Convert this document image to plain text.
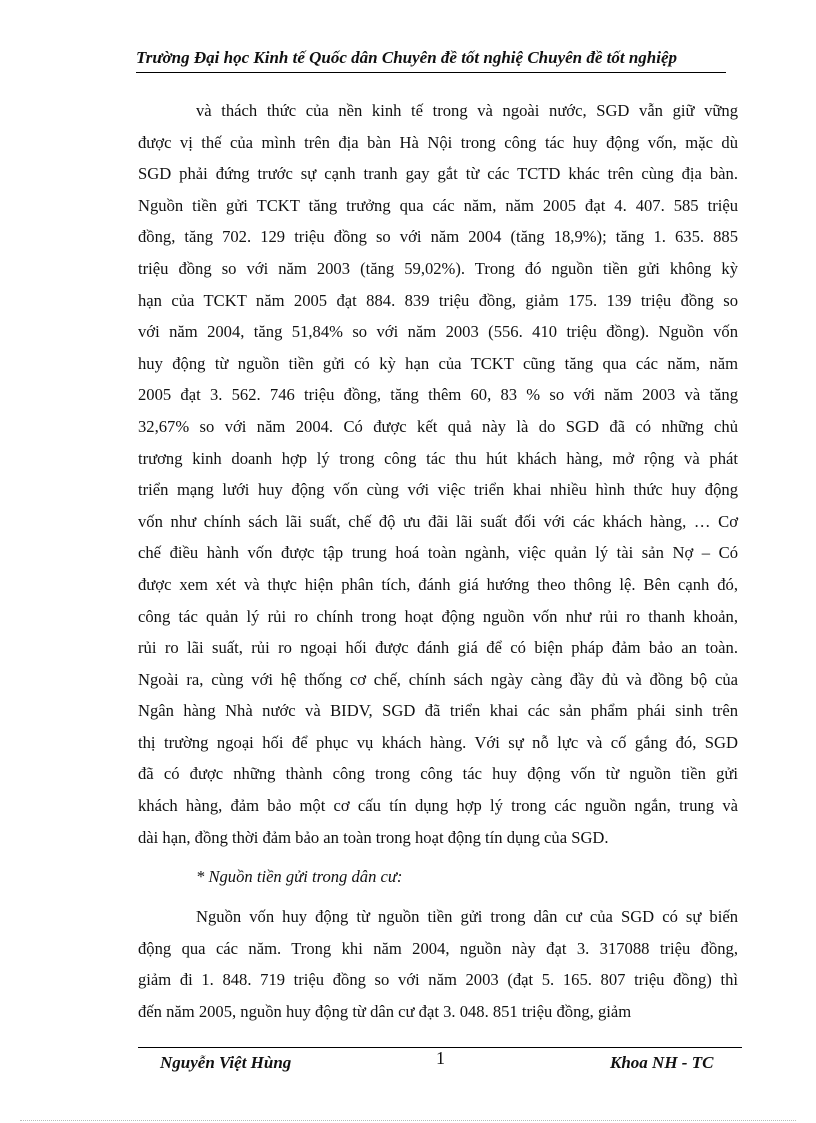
Trường Đại học Kinh tế Quốc dân Chuyên đề tốt nghiệ Chuyên đề tốt nghiệp
và thách thức của nền kinh tế trong và ngoài nước, SGD vẫn giữ vững
được vị thế của mình trên địa bàn Hà Nội trong công tác huy động vốn, mặc dù
SGD phải đứng trước sự cạnh tranh gay gắt từ các TCTD khác trên cùng địa bàn.
Nguồn tiền gửi TCKT tăng trưởng qua các năm, năm 2005 đạt 4. 407. 585 triệu
đồng, tăng 702. 129 triệu đồng so với năm 2004 (tăng 18,9%); tăng 1. 635. 885
triệu đồng so với năm 2003 (tăng 59,02%). Trong đó nguồn tiền gửi không kỳ
hạn của TCKT năm 2005 đạt 884. 839 triệu đồng, giảm 175. 139 triệu đồng so
với năm 2004, tăng 51,84% so với năm 2003 (556. 410 triệu đồng). Nguồn vốn
huy động từ nguồn tiền gửi có kỳ hạn của TCKT cũng tăng qua các năm, năm
2005 đạt 3. 562. 746 triệu đồng, tăng thêm 60, 83 % so với năm 2003 và tăng
32,67% so với năm 2004. Có được kết quả này là do SGD đã có những chủ
trương kinh doanh hợp lý trong công tác thu hút khách hàng, mở rộng và phát
triển mạng lưới huy động vốn cùng với việc triển khai nhiều hình thức huy động
vốn như chính sách lãi suất, chế độ ưu đãi lãi suất đối với các khách hàng, … Cơ
chế điều hành vốn được tập trung hoá toàn ngành, việc quản lý tài sản Nợ – Có
được xem xét và thực hiện phân tích, đánh giá hướng theo thông lệ. Bên cạnh đó,
công tác quản lý rủi ro chính trong hoạt động nguồn vốn như rủi ro thanh khoản,
rủi ro lãi suất, rủi ro ngoại hối được đánh giá để có biện pháp đảm bảo an toàn.
Ngoài ra, cùng với hệ thống cơ chế, chính sách ngày càng đầy đủ và đồng bộ của
Ngân hàng Nhà nước và BIDV, SGD đã triển khai các sản phẩm phái sinh trên
thị trường ngoại hối để phục vụ khách hàng. Với sự nỗ lực và cố gắng đó, SGD
đã có được những thành công trong công tác huy động vốn từ nguồn tiền gửi
khách hàng, đảm bảo một cơ cấu tín dụng hợp lý trong các nguồn ngắn, trung và
dài hạn, đồng thời đảm bảo an toàn trong hoạt động tín dụng của SGD.
* Nguồn tiền gửi trong dân cư:
Nguồn vốn huy động từ nguồn tiền gửi trong dân cư của SGD có sự biến
động qua các năm. Trong khi năm 2004, nguồn này đạt 3. 317088 triệu đồng,
giảm đi 1. 848. 719 triệu đồng so với năm 2003 (đạt 5. 165. 807 triệu đồng) thì
đến năm 2005, nguồn huy động từ dân cư đạt 3. 048. 851 triệu đồng, giảm
Nguyễn Việt Hùng	1	Khoa NH - TC
